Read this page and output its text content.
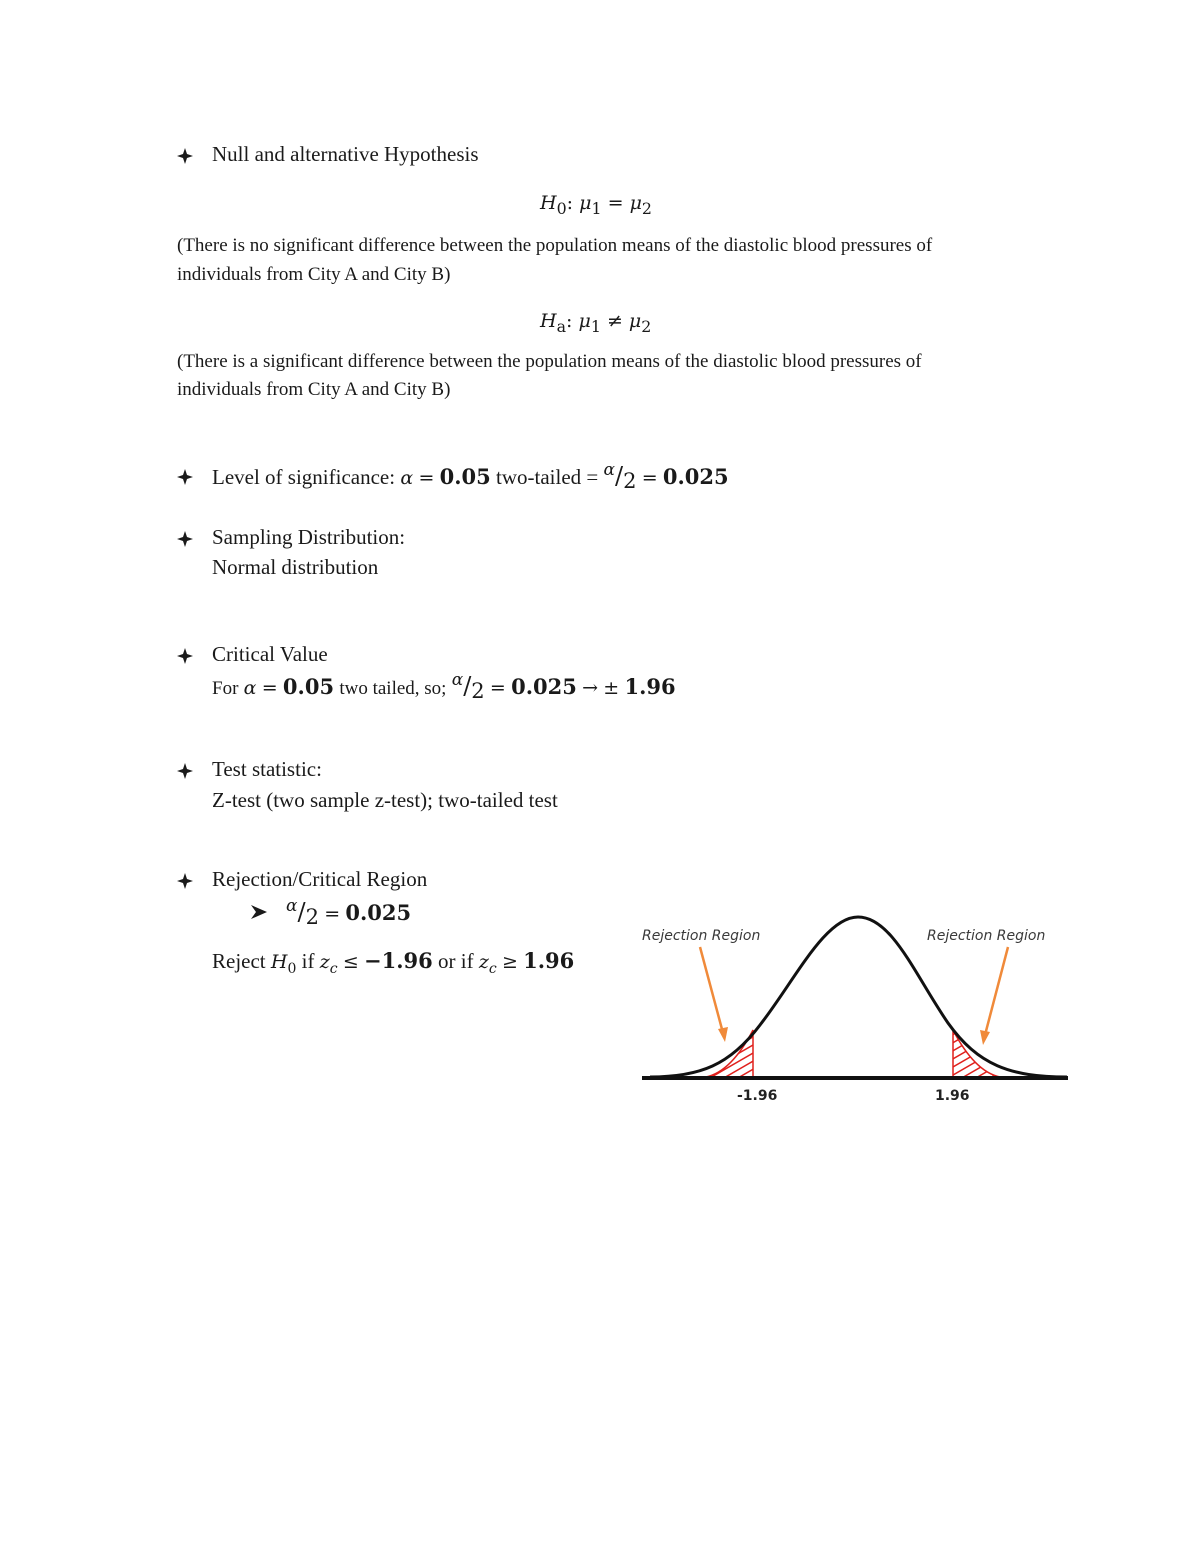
Null and alternative Hypothesis
$H_0$: $\mu_1 = \mu_2$
(There is no significant difference between the population means of the diastolic blood pressures of
individuals from City A and City B)
$H_a$: $\mu_1 \ne \mu_2$
(There is a significant difference between the population means of the diastolic blood pressures of
individuals from City A and City B)
Level of significance: α = 0.05 two-tailed = $^\alpha$/2 = 0.025
Sampling Distribution:
Normal distribution
Critical Value
For α = 0.05 two tailed, so; $^\alpha$/2 = 0.025 → ± 1.96
Test statistic:
Z-test (two sample z-test); two-tailed test
Rejection/Critical Region
$^\alpha$/2 = 0.025
Reject $H_0$ if $z_c \le -1.96$ or if $z_c \ge 1.96$
Rejection Region	Rejection Region
-1.96	1.96
